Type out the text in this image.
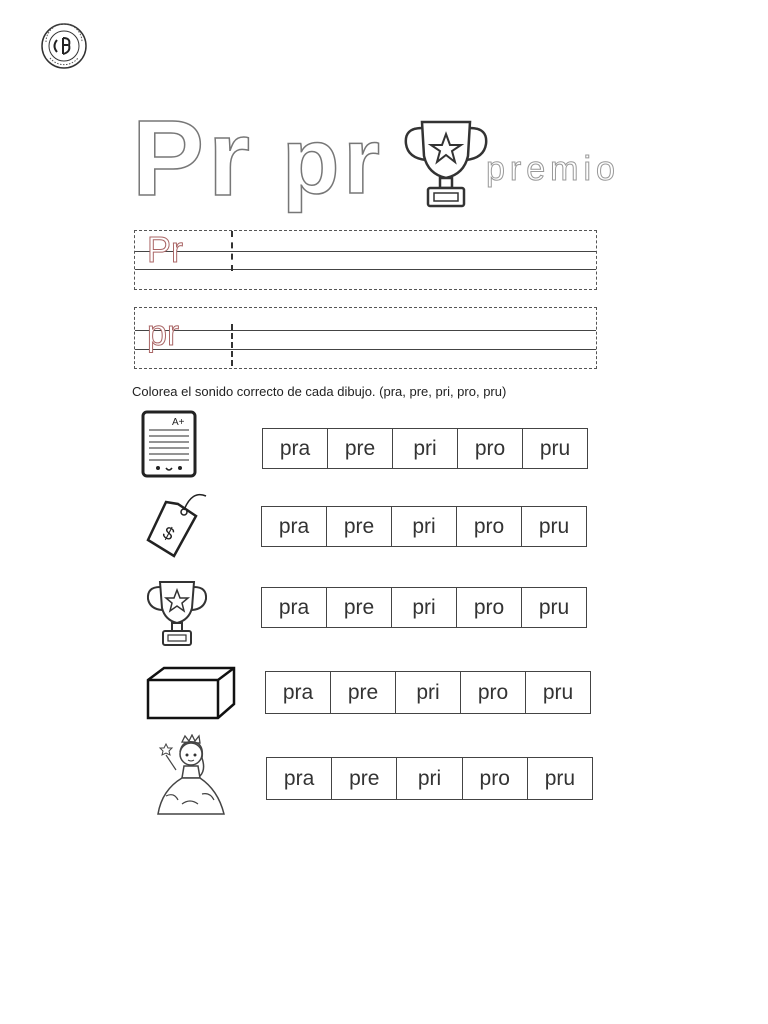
Pr pr	premio
Pr
pr
Colorea el sonido correcto de cada dibujo. (pra, pre, pri, pro, pru)
A+
pra	pre	pri	pro	pru
$	pra	pre	pri	pro	pru
pra	pre	pri	pro	pru
pra	pre	pri	pro	pru
pra	pre	pri	pro	pru
